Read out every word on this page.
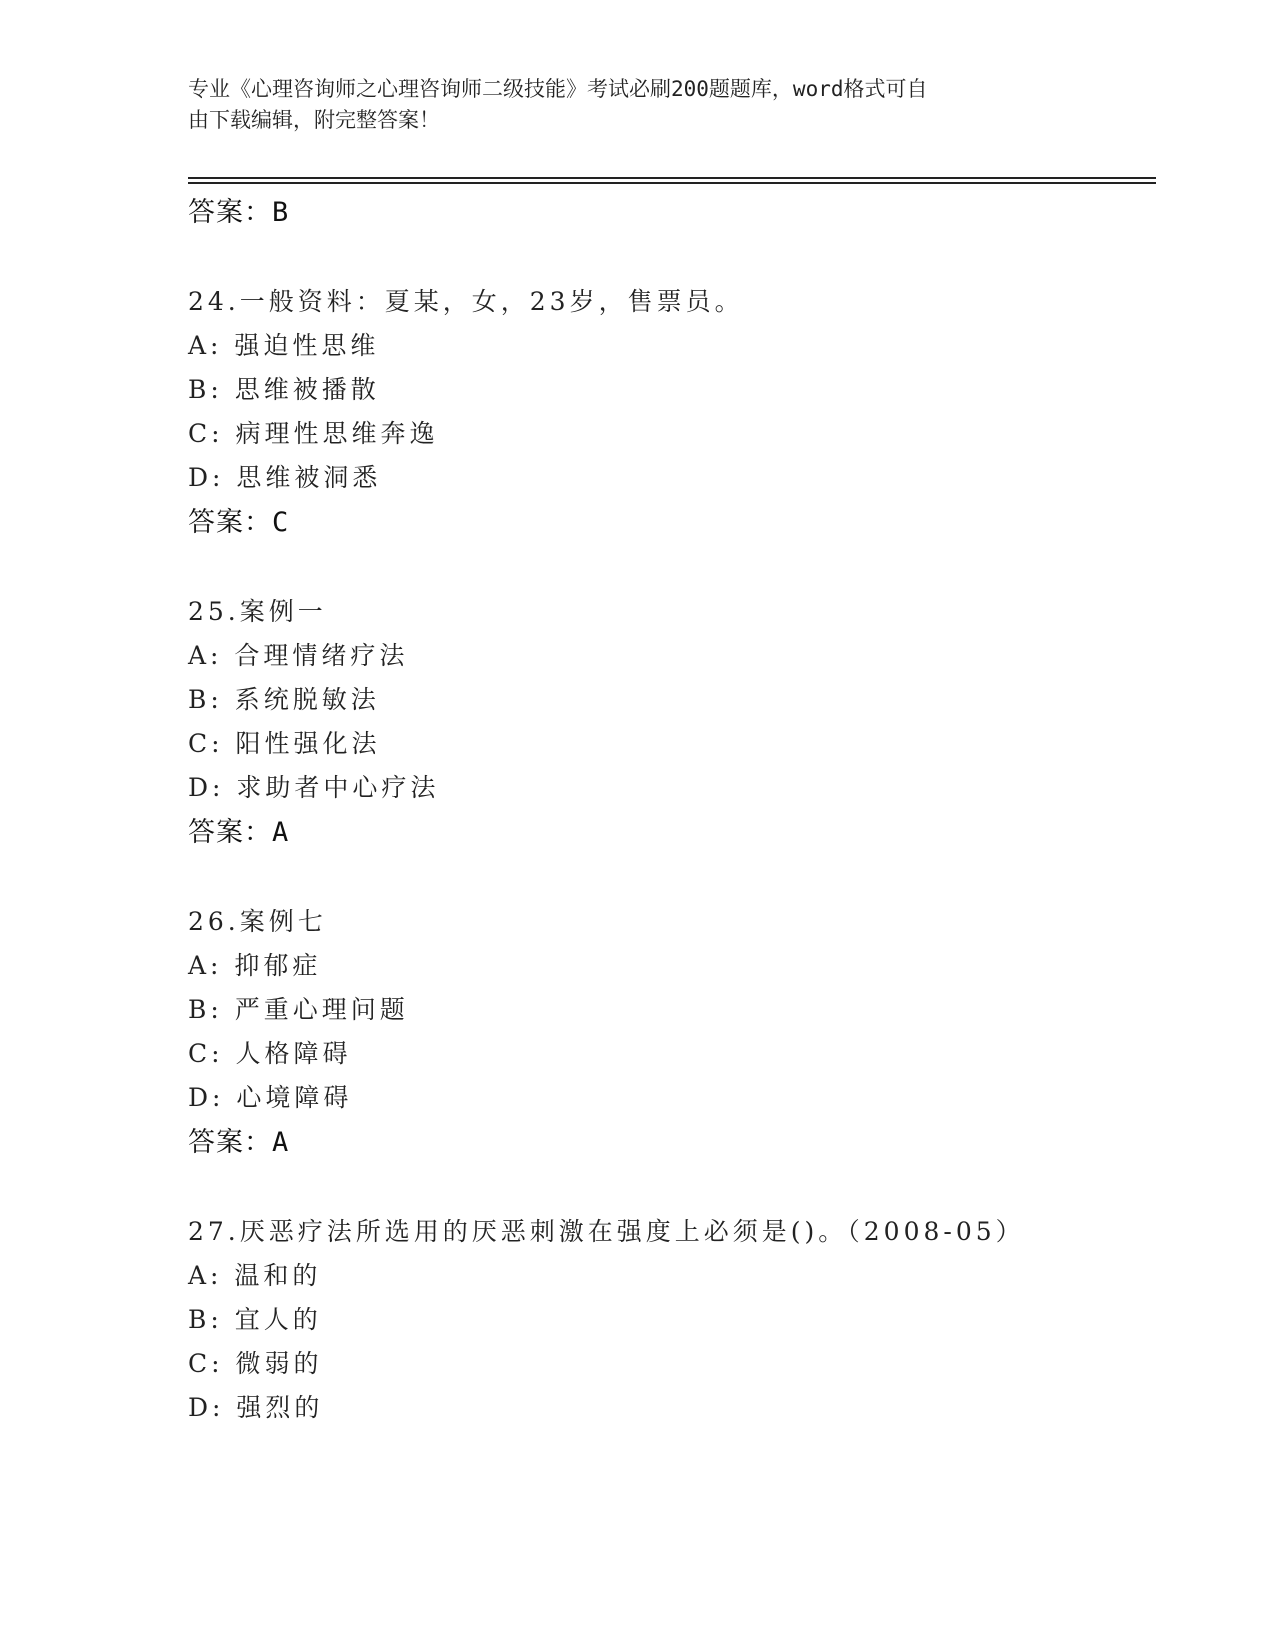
专业《心理咨询师之心理咨询师二级技能》考试必刷200题题库，word格式可自
由下载编辑，附完整答案！
答案：B
24.一般资料：夏某，女，23岁，售票员。
A: 强迫性思维
B: 思维被播散
C: 病理性思维奔逸
D: 思维被洞悉
答案：C
25.案例一
A: 合理情绪疗法
B: 系统脱敏法
C: 阳性强化法
D: 求助者中心疗法
答案：A
26.案例七
A: 抑郁症
B: 严重心理问题
C: 人格障碍
D: 心境障碍
答案：A
27.厌恶疗法所选用的厌恶刺激在强度上必须是()。（2008-05）
A: 温和的
B: 宜人的
C: 微弱的
D: 强烈的
